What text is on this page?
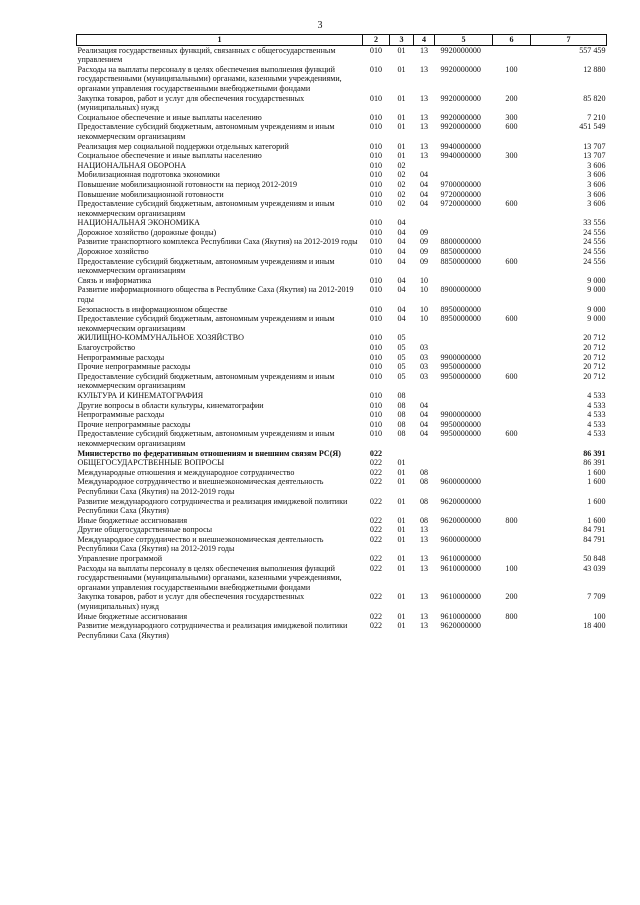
3
1	2	3	4	5	6	7
Реализация государственных функций, связанных с общегосударственным управлением	010	01	13	9920000000		557 459
Расходы на выплаты персоналу в целях обеспечения выполнения функций государственными (муниципальными) органами, казенными учреждениями, органами управления государственными внебюджетными фондами	010	01	13	9920000000	100	12 880
Закупка товаров, работ и услуг для обеспечения государственных (муниципальных) нужд	010	01	13	9920000000	200	85 820
Социальное обеспечение и иные выплаты населению	010	01	13	9920000000	300	7 210
Предоставление субсидий бюджетным, автономным учреждениям и иным некоммерческим организациям	010	01	13	9920000000	600	451 549
Реализация мер социальной поддержки отдельных категорий	010	01	13	9940000000		13 707
Социальное обеспечение и иные выплаты населению	010	01	13	9940000000	300	13 707
НАЦИОНАЛЬНАЯ ОБОРОНА	010	02				3 606
Мобилизационная подготовка экономики	010	02	04			3 606
Повышение мобилизационной готовности на период 2012-2019	010	02	04	9700000000		3 606
Повышение мобилизационной готовности	010	02	04	9720000000		3 606
Предоставление субсидий бюджетным, автономным учреждениям и иным некоммерческим организациям	010	02	04	9720000000	600	3 606
НАЦИОНАЛЬНАЯ ЭКОНОМИКА	010	04				33 556
Дорожное хозяйство (дорожные фонды)	010	04	09			24 556
Развитие транспортного комплекса Республики Саха (Якутия) на 2012-2019 годы	010	04	09	8800000000		24 556
Дорожное хозяйство	010	04	09	8850000000		24 556
Предоставление субсидий бюджетным, автономным учреждениям и иным некоммерческим организациям	010	04	09	8850000000	600	24 556
Связь и информатика	010	04	10			9 000
Развитие информационного общества в Республике Саха (Якутия) на 2012-2019 годы	010	04	10	8900000000		9 000
Безопасность в информационном обществе	010	04	10	8950000000		9 000
Предоставление субсидий бюджетным, автономным учреждениям и иным некоммерческим организациям	010	04	10	8950000000	600	9 000
ЖИЛИЩНО-КОММУНАЛЬНОЕ ХОЗЯЙСТВО	010	05				20 712
Благоустройство	010	05	03			20 712
Непрограммные расходы	010	05	03	9900000000		20 712
Прочие непрограммные расходы	010	05	03	9950000000		20 712
Предоставление субсидий бюджетным, автономным учреждениям и иным некоммерческим организациям	010	05	03	9950000000	600	20 712
КУЛЬТУРА И КИНЕМАТОГРАФИЯ	010	08				4 533
Другие вопросы в области культуры, кинематографии	010	08	04			4 533
Непрограммные расходы	010	08	04	9900000000		4 533
Прочие непрограммные расходы	010	08	04	9950000000		4 533
Предоставление субсидий бюджетным, автономным учреждениям и иным некоммерческим организациям	010	08	04	9950000000	600	4 533
Министерство по федеративным отношениям и внешним связям РС(Я)	022					86 391
ОБЩЕГОСУДАРСТВЕННЫЕ ВОПРОСЫ	022	01				86 391
Международные отношения и международное сотрудничество	022	01	08			1 600
Международное сотрудничество и внешнеэкономическая деятельность Республики Саха (Якутия) на 2012-2019 годы	022	01	08	9600000000		1 600
Развитие международного сотрудничества и реализация имиджевой политики Республики Саха (Якутия)	022	01	08	9620000000		1 600
Иные бюджетные ассигнования	022	01	08	9620000000	800	1 600
Другие общегосударственные вопросы	022	01	13			84 791
Международное сотрудничество и внешнеэкономическая деятельность Республики Саха (Якутия) на 2012-2019 годы	022	01	13	9600000000		84 791
Управление программой	022	01	13	9610000000		50 848
Расходы на выплаты персоналу в целях обеспечения выполнения функций государственными (муниципальными) органами, казенными учреждениями, органами управления государственными внебюджетными фондами	022	01	13	9610000000	100	43 039
Закупка товаров, работ и услуг для обеспечения государственных (муниципальных) нужд	022	01	13	9610000000	200	7 709
Иные бюджетные ассигнования	022	01	13	9610000000	800	100
Развитие международного сотрудничества и реализация имиджевой политики Республики Саха (Якутия)	022	01	13	9620000000		18 400
